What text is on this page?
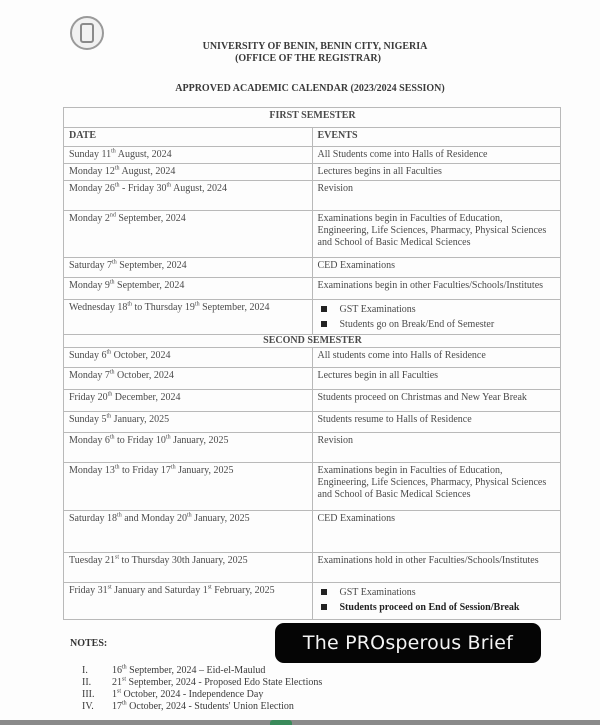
UNIVERSITY OF BENIN, BENIN CITY, NIGERIA
(OFFICE OF THE REGISTRAR)
APPROVED ACADEMIC CALENDAR (2023/2024 SESSION)
FIRST SEMESTER	
DATE	EVENTS
Sunday 11th August, 2024	All Students come into Halls of Residence
Monday 12th August, 2024	Lectures begins in all Faculties
Monday 26th - Friday 30th August, 2024	Revision
Monday 2nd September, 2024	Examinations begin in Faculties of Education, Engineering, Life Sciences, Pharmacy, Physical Sciences and School of Basic Medical Sciences
Saturday 7th September, 2024	CED Examinations
Monday 9th September, 2024	Examinations begin in other Faculties/Schools/Institutes
Wednesday 18th to Thursday 19th September, 2024	GST Examinations
Students go on Break/End of Semester

SECOND SEMESTER	
Sunday 6th October, 2024	All students come into Halls of Residence
Monday 7th October, 2024	Lectures begin in all Faculties
Friday 20th December, 2024	Students proceed on Christmas and New Year Break
Sunday 5th January, 2025	Students resume to Halls of Residence
Monday 6th to Friday 10th January, 2025	Revision
Monday 13th to Friday 17th January, 2025	Examinations begin in Faculties of Education, Engineering, Life Sciences, Pharmacy, Physical Sciences and School of Basic Medical Sciences
Saturday 18th and Monday 20th January, 2025	CED Examinations
Tuesday 21st to Thursday 30th January, 2025	Examinations hold in other Faculties/Schools/Institutes
Friday 31st January and Saturday 1st February, 2025	GST Examinations
Students proceed on End of Session/Break
NOTES:
I.	16th September, 2024 – Eid-el-Maulud
II.	21st September, 2024 - Proposed Edo State Elections
III.	1st October, 2024 - Independence Day
IV.	17th October, 2024 - Students' Union Election
The PROsperous Brief
